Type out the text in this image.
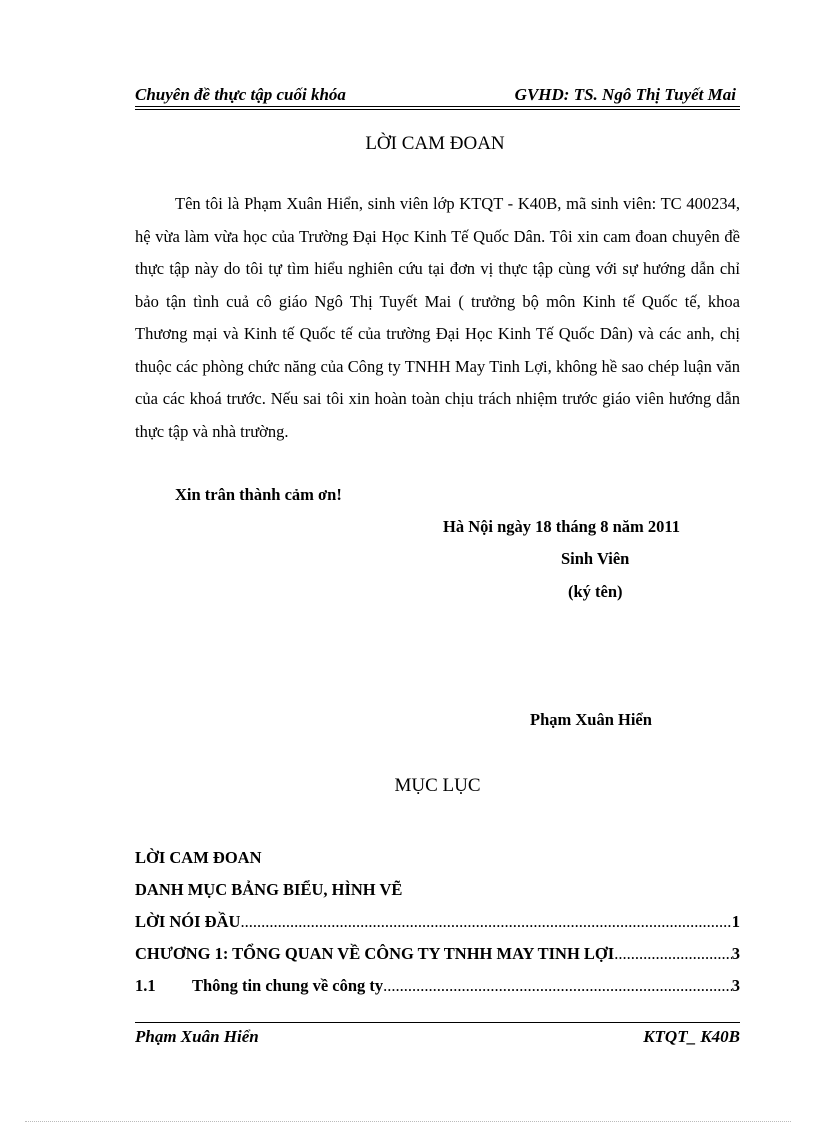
Chuyên đề thực tập cuối khóa	GVHD: TS. Ngô Thị Tuyết Mai
LỜI CAM ĐOAN

Tên tôi là Phạm Xuân Hiển, sinh viên lớp KTQT - K40B, mã sinh viên: TC 400234, hệ vừa làm vừa học của Trường Đại Học Kinh Tế Quốc Dân. Tôi xin cam đoan chuyên đề thực tập này do tôi tự tìm hiểu nghiên cứu tại đơn vị thực tập cùng với sự hướng dẫn chỉ bảo tận tình cuả cô giáo Ngô Thị Tuyết Mai ( trưởng bộ môn Kinh tế Quốc tế, khoa Thương mại và Kinh tế Quốc tế của trường Đại Học Kinh Tế Quốc Dân) và các anh, chị thuộc các phòng chức năng của Công ty TNHH May Tinh Lợi, không hề sao chép luận văn của các khoá trước. Nếu sai tôi xin hoàn toàn chịu trách nhiệm trước giáo viên hướng dẫn thực tập và nhà trường.

Xin trân thành cảm ơn!
Hà Nội ngày 18 tháng 8 năm 2011
Sinh Viên
(ký tên)
Phạm Xuân Hiển
MỤC LỤC
LỜI CAM ĐOAN
DANH MỤC BẢNG BIỂU, HÌNH VẼ
LỜI NÓI ĐẦU .....	1
CHƯƠNG 1: TỔNG QUAN VỀ CÔNG TY TNHH MAY TINH LỢI .....	3
1.1	Thông tin chung về công ty .....	3
Phạm Xuân Hiển	KTQT_ K40B
